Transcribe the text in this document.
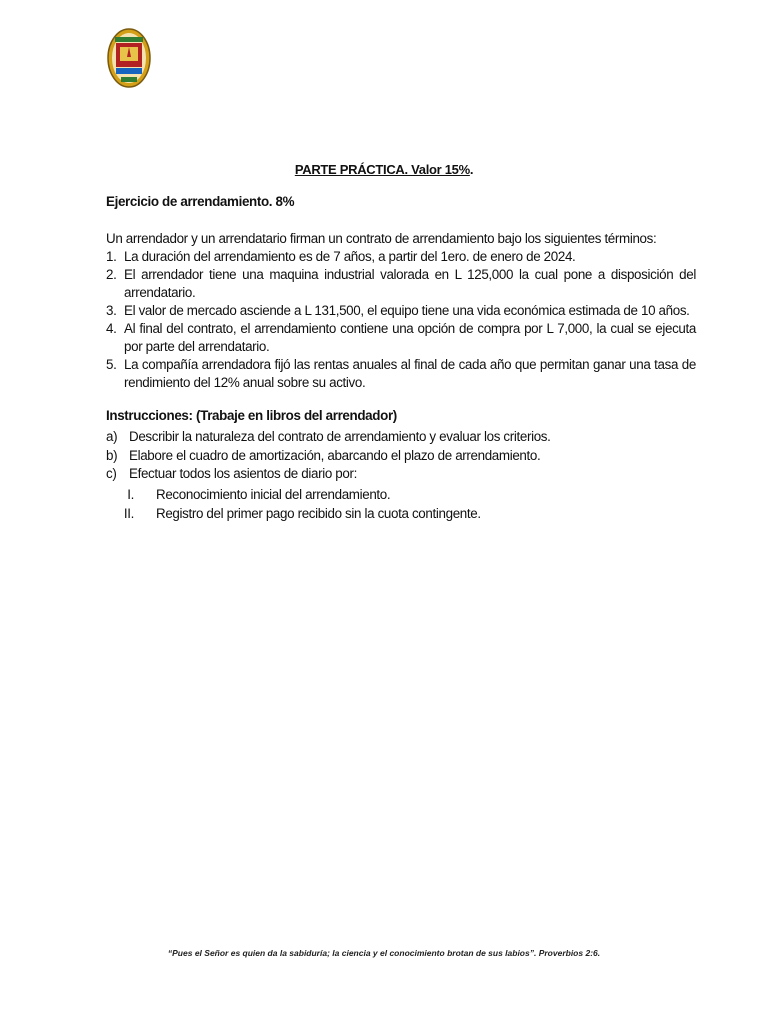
PARTE PRÁCTICA. Valor 15%.
Ejercicio de arrendamiento. 8%
Un arrendador y un arrendatario firman un contrato de arrendamiento bajo los siguientes términos:
1. La duración del arrendamiento es de 7 años, a partir del 1ero. de enero de 2024.
2. El arrendador tiene una maquina industrial valorada en L 125,000 la cual pone a disposición del arrendatario.
3. El valor de mercado asciende a L 131,500, el equipo tiene una vida económica estimada de 10 años.
4. Al final del contrato, el arrendamiento contiene una opción de compra por L 7,000, la cual se ejecuta por parte del arrendatario.
5. La compañía arrendadora fijó las rentas anuales al final de cada año que permitan ganar una tasa de rendimiento del 12% anual sobre su activo.
Instrucciones: (Trabaje en libros del arrendador)
a) Describir la naturaleza del contrato de arrendamiento y evaluar los criterios.
b) Elabore el cuadro de amortización, abarcando el plazo de arrendamiento.
c) Efectuar todos los asientos de diario por:
I.	Reconocimiento inicial del arrendamiento.
II.	Registro del primer pago recibido sin la cuota contingente.
“Pues el Señor es quien da la sabiduría; la ciencia y el conocimiento brotan de sus labios”. Proverbios 2:6.
